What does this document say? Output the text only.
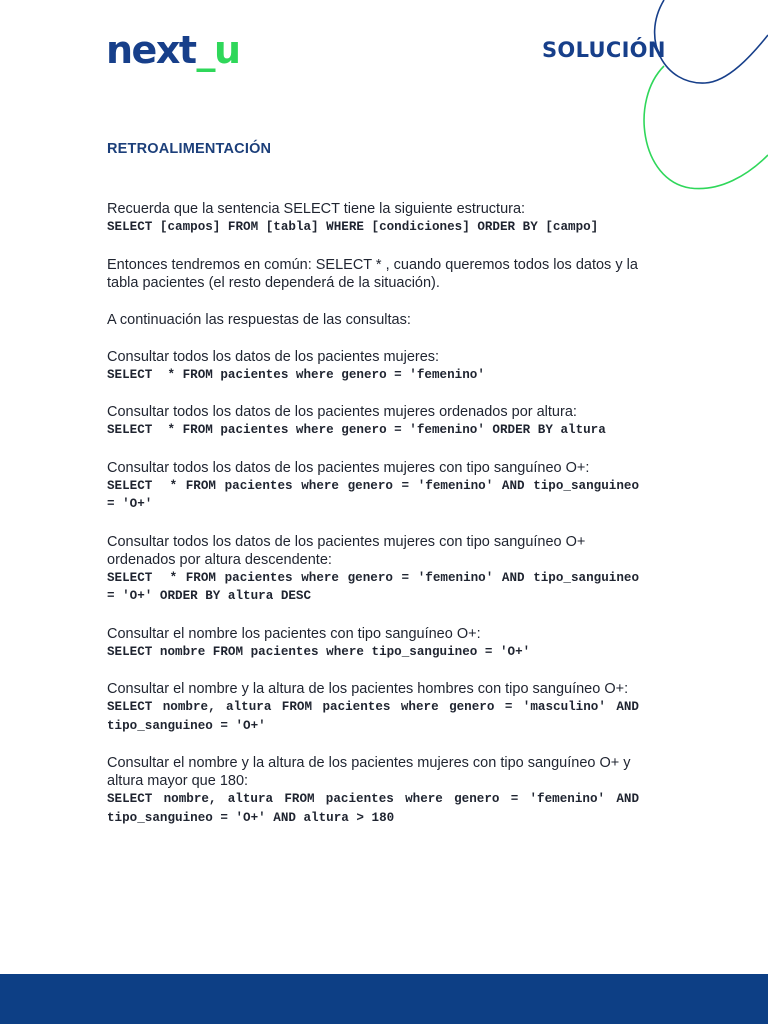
next_u	SOLUCIÓN
RETROALIMENTACIÓN

Recuerda que la sentencia SELECT tiene la siguiente estructura:

SELECT [campos] FROM [tabla] WHERE [condiciones] ORDER BY [campo]

Entonces tendremos en común: SELECT * , cuando queremos todos los datos y la tabla pacientes (el resto dependerá de la situación).

A continuación las respuestas de las consultas:

Consultar todos los datos de los pacientes mujeres:

SELECT  * FROM pacientes where genero = 'femenino'

Consultar todos los datos de los pacientes mujeres ordenados por altura:

SELECT  * FROM pacientes where genero = 'femenino' ORDER BY altura

Consultar todos los datos de los pacientes mujeres con tipo sanguíneo O+:

SELECT  * FROM pacientes where genero = 'femenino' AND tipo_sanguineo = 'O+'

Consultar todos los datos de los pacientes mujeres con tipo sanguíneo O+ ordenados por altura descendente:

SELECT  * FROM pacientes where genero = 'femenino' AND tipo_sanguineo = 'O+' ORDER BY altura DESC

Consultar el nombre los pacientes con tipo sanguíneo O+:

SELECT nombre FROM pacientes where tipo_sanguineo = 'O+'

Consultar el nombre y la altura de los pacientes hombres con tipo sanguíneo O+:

SELECT nombre, altura FROM pacientes where genero = 'masculino' AND tipo_sanguineo = 'O+'

Consultar el nombre y la altura de los pacientes mujeres con tipo sanguíneo O+ y altura mayor que 180:

SELECT nombre, altura FROM pacientes where genero = 'femenino' AND tipo_sanguineo = 'O+' AND altura > 180
